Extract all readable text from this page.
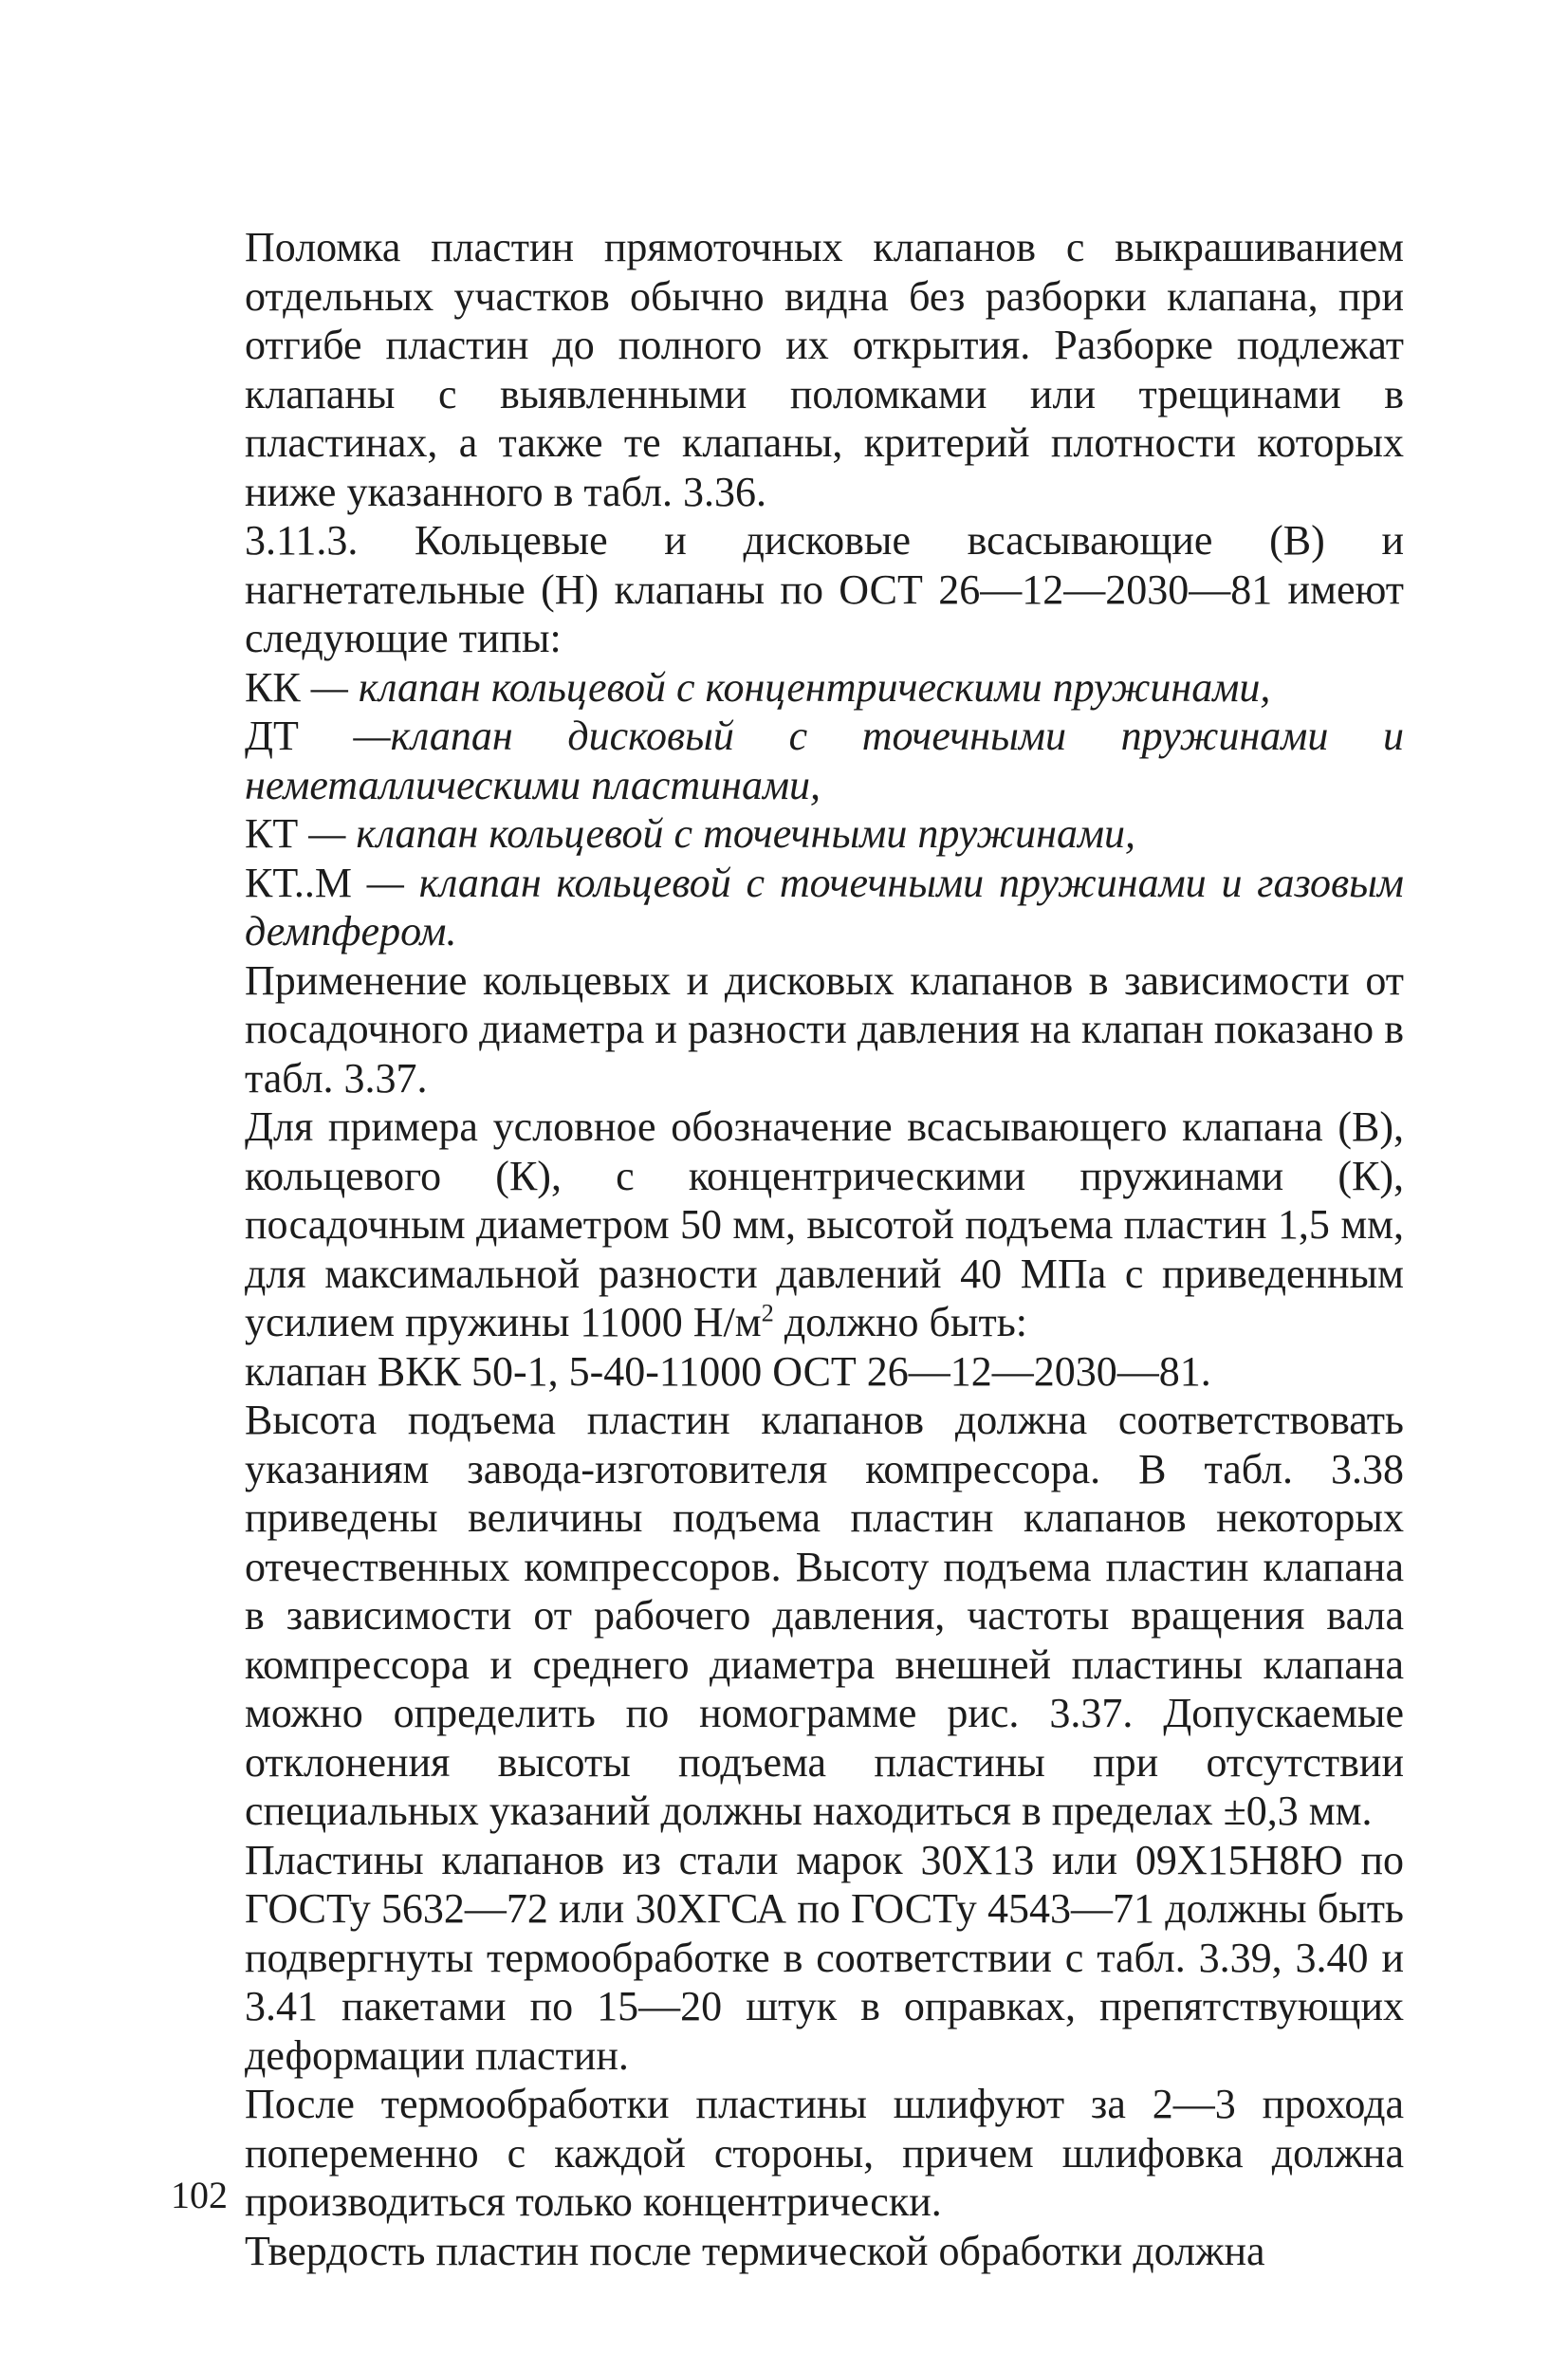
Поломка пластин прямоточных клапанов с выкрашиванием отдельных участков обычно видна без разборки клапана, при отгибе пластин до полного их открытия. Разборке подлежат клапаны с выявленными поломками или трещинами в пластинах, а также те клапаны, критерий плотности которых ниже указанного в табл. 3.36.

3.11.3. Кольцевые и дисковые всасывающие (В) и нагнетательные (Н) клапаны по ОСТ 26—12—2030—81 имеют следующие типы:

КК — клапан кольцевой с концентрическими пружинами,

ДТ —клапан дисковый с точечными пружинами и неметаллическими пластинами,

КТ — клапан кольцевой с точечными пружинами,

КТ..М — клапан кольцевой с точечными пружинами и газовым демпфером.

Применение кольцевых и дисковых клапанов в зависимости от посадочного диаметра и разности давления на клапан показано в табл. 3.37.

Для примера условное обозначение всасывающего клапана (В), кольцевого (К), с концентрическими пружинами (К), посадочным диаметром 50 мм, высотой подъема пластин 1,5 мм, для максимальной разности давлений 40 МПа с приведенным усилием пружины 11000 $Н/м^2$ должно быть:

клапан ВКК 50-1, 5-40-11000 ОСТ 26—12—2030—81.

Высота подъема пластин клапанов должна соответствовать указаниям завода-изготовителя компрессора. В табл. 3.38 приведены величины подъема пластин клапанов некоторых отечественных компрессоров. Высоту подъема пластин клапана в зависимости от рабочего давления, частоты вращения вала компрессора и среднего диаметра внешней пластины клапана можно определить по номограмме рис. 3.37. Допускаемые отклонения высоты подъема пластины при отсутствии специальных указаний должны находиться в пределах ±0,3 мм.

Пластины клапанов из стали марок 30Х13 или 09Х15Н8Ю по ГОСТу 5632—72 или 30ХГСА по ГОСТу 4543—71 должны быть подвергнуты термообработке в соответствии с табл. 3.39, 3.40 и 3.41 пакетами по 15—20 штук в оправках, препятствующих деформации пластин.

После термообработки пластины шлифуют за 2—3 прохода попеременно с каждой стороны, причем шлифовка должна производиться только концентрически.

Твердость пластин после термической обработки должна

102
